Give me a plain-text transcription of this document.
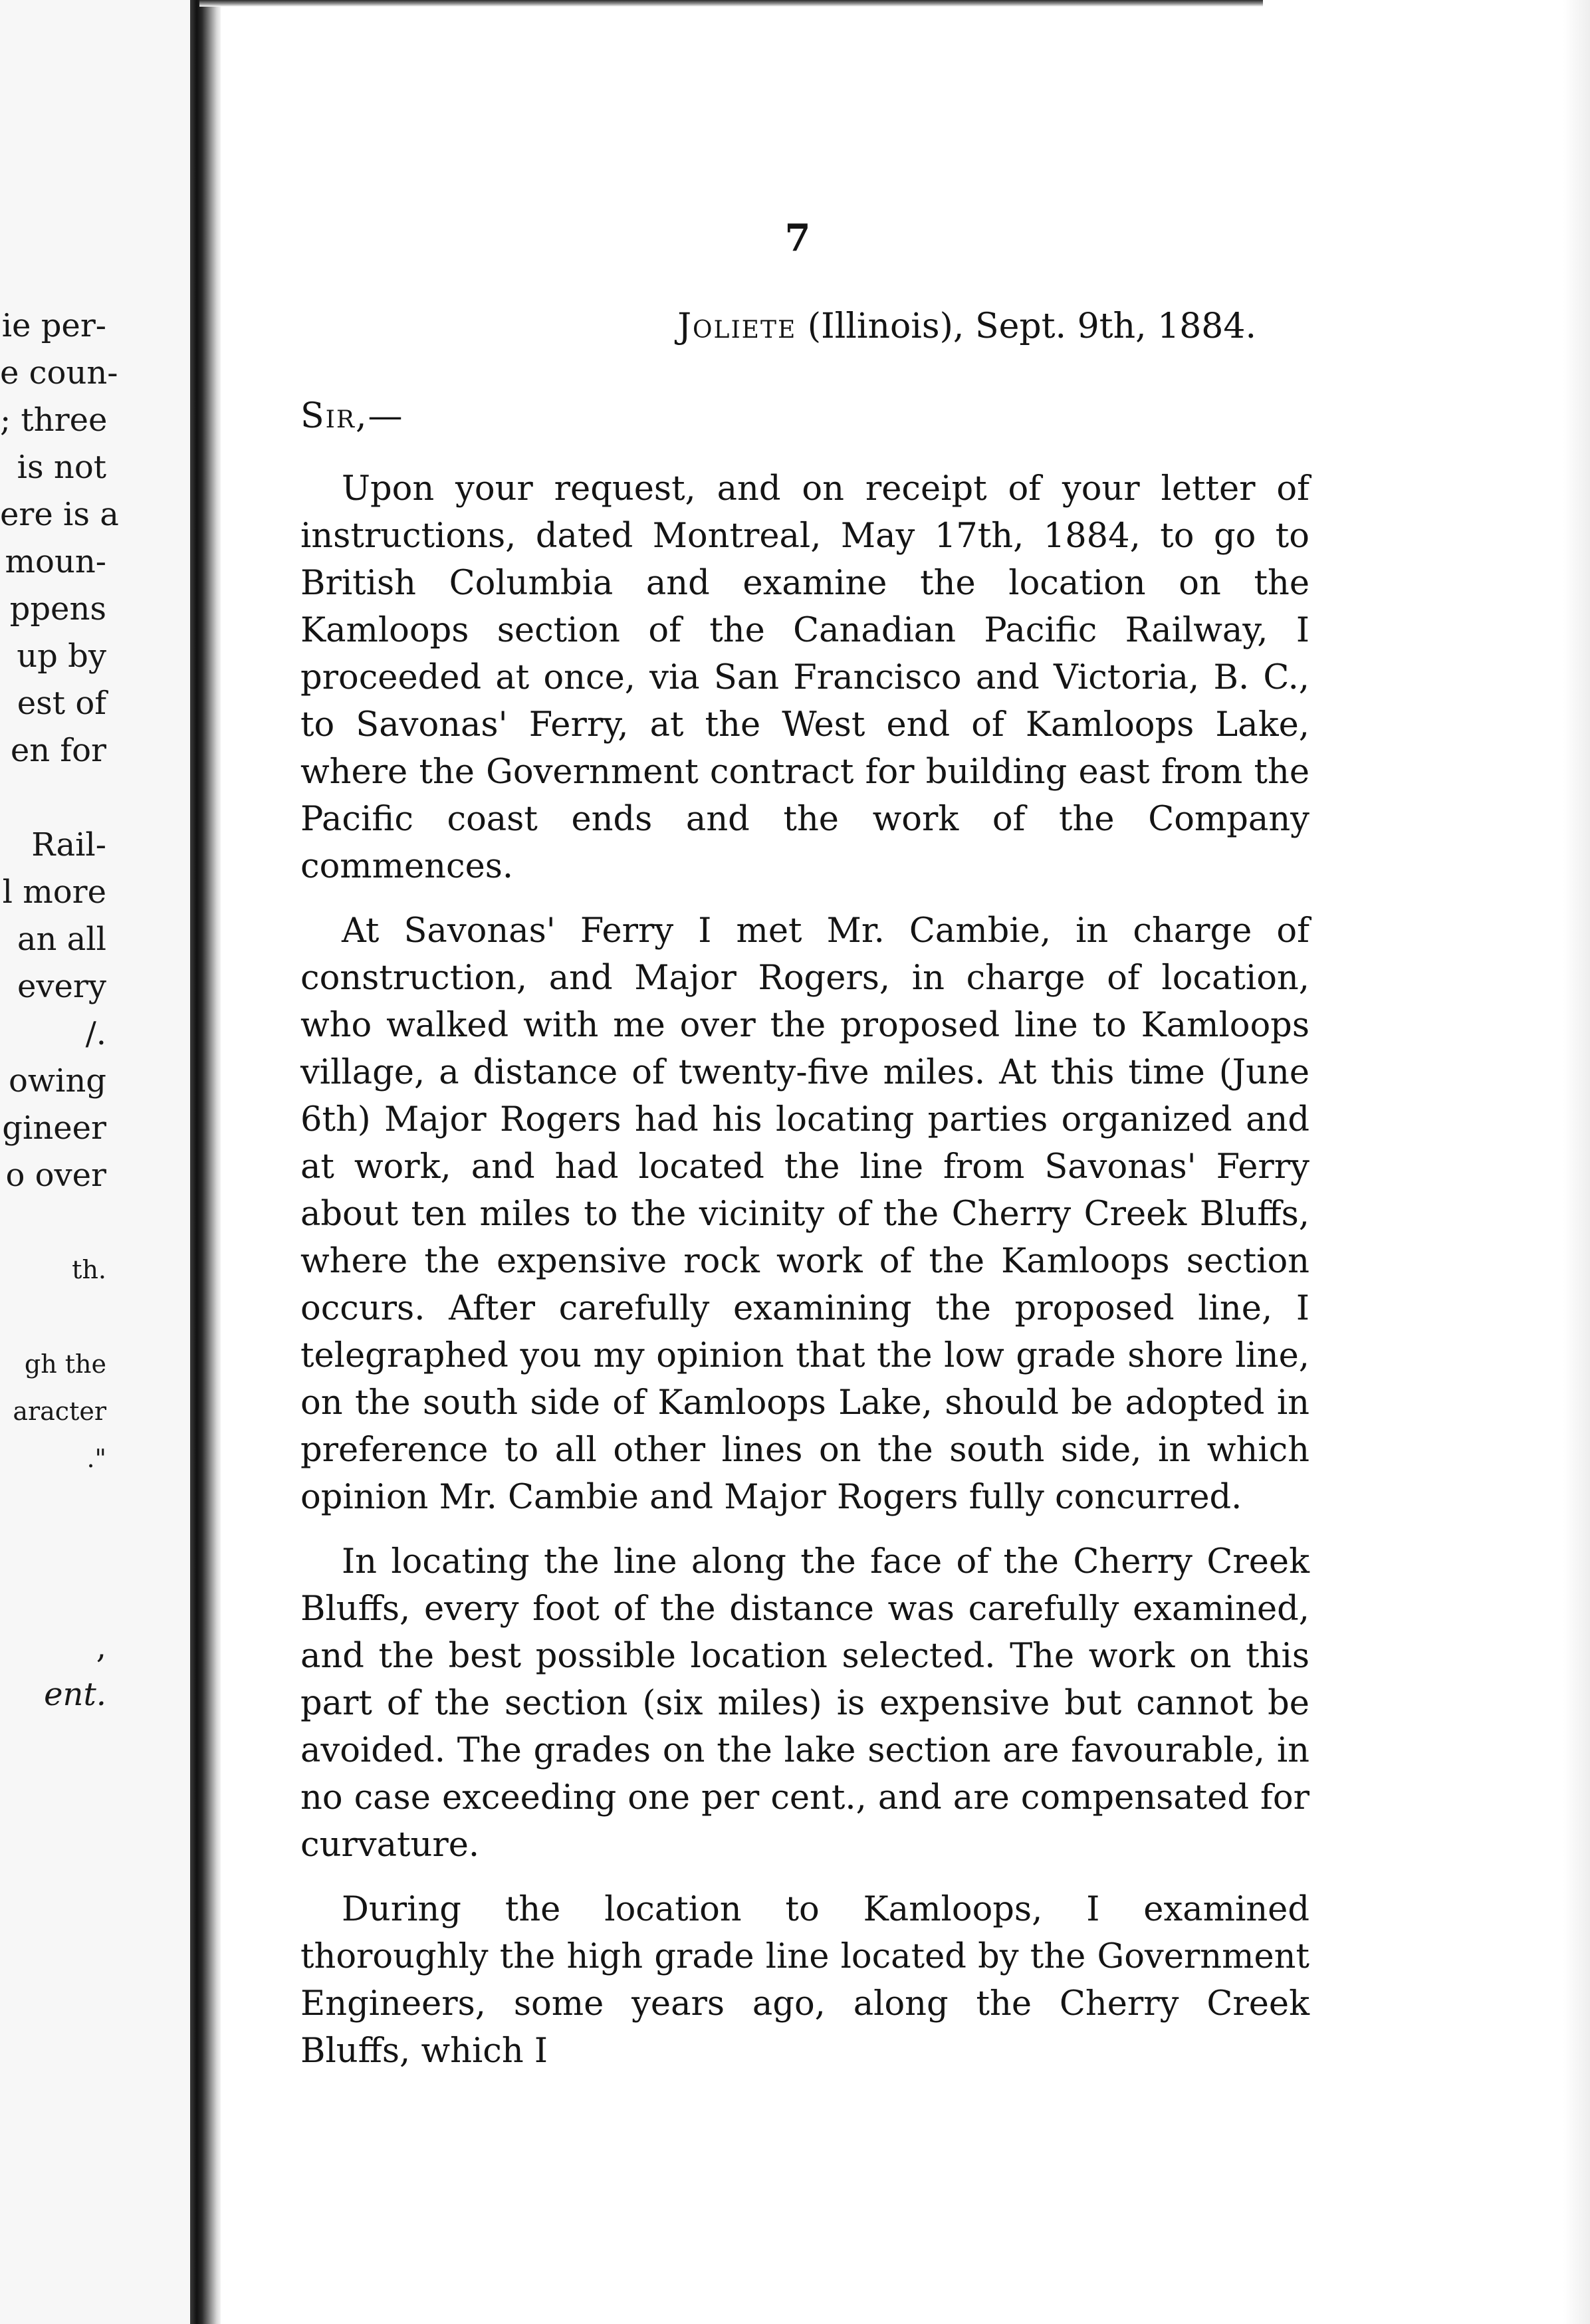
ie per-
e coun-
; three
is not
ere is a
moun-
ppens
up by
est of
en for
Rail-
l more
an all
every
/.
owing
gineer
o over
th.
gh the
aracter
."
,
ent.
7
Joliete (Illinois), Sept. 9th, 1884.
Sir,—

Upon your request, and on receipt of your letter of instructions, dated Montreal, May 17th, 1884, to go to British Columbia and examine the location on the Kamloops section of the Canadian Pacific Railway, I proceeded at once, via San Francisco and Victoria, B. C., to Savonas' Ferry, at the West end of Kamloops Lake, where the Government contract for building east from the Pacific coast ends and the work of the Company commences.

At Savonas' Ferry I met Mr. Cambie, in charge of construction, and Major Rogers, in charge of location, who walked with me over the proposed line to Kamloops village, a distance of twenty-five miles. At this time (June 6th) Major Rogers had his locating parties organized and at work, and had located the line from Savonas' Ferry about ten miles to the vicinity of the Cherry Creek Bluffs, where the expensive rock work of the Kamloops section occurs. After carefully examining the proposed line, I telegraphed you my opinion that the low grade shore line, on the south side of Kamloops Lake, should be adopted in preference to all other lines on the south side, in which opinion Mr. Cambie and Major Rogers fully concurred.

In locating the line along the face of the Cherry Creek Bluffs, every foot of the distance was carefully examined, and the best possible location selected. The work on this part of the section (six miles) is expensive but cannot be avoided. The grades on the lake section are favourable, in no case exceeding one per cent., and are compensated for curvature.

During the location to Kamloops, I examined thoroughly the high grade line located by the Government Engineers, some years ago, along the Cherry Creek Bluffs, which I
